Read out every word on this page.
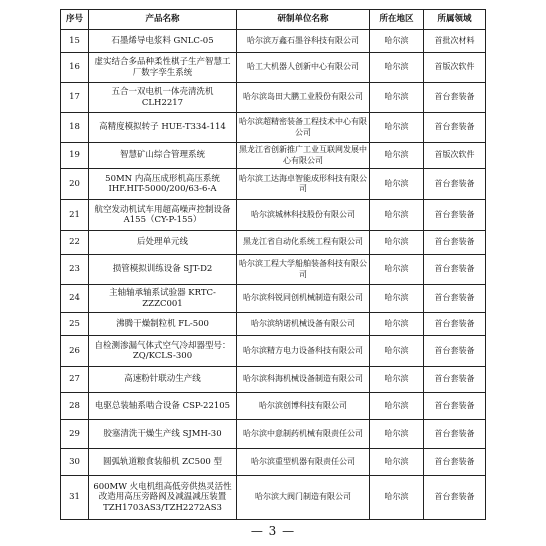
序号	产品名称	研制单位名称	所在地区	所属领域
15	石墨烯导电浆料 GNLC-05	哈尔滨万鑫石墨谷科技有限公司	哈尔滨	首批次材料
16	虚实结合多品种柔性棋子生产智慧工厂数字孪生系统	哈工大机器人创新中心有限公司	哈尔滨	首版次软件
17	五合一双电机一体壳清洗机 CLH2217	哈尔滨岛田大鹏工业股份有限公司	哈尔滨	首台套装备
18	高精度模拟转子 HUE-T334-114	哈尔滨超精密装备工程技术中心有限公司	哈尔滨	首台套装备
19	智慧矿山综合管理系统	黑龙江省创新推广工业互联网发展中心有限公司	哈尔滨	首版次软件
20	50MN 内高压成形机高压系统 IHF.HIT-5000/200/63-6-A	哈尔滨工达海卓智能成形科技有限公司	哈尔滨	首台套装备
21	航空发动机试车用超高噪声控制设备 A155（CY-P-155）	哈尔滨城林科技股份有限公司	哈尔滨	首台套装备
22	后处理单元线	黑龙江省自动化系统工程有限公司	哈尔滨	首台套装备
23	损管模拟训练设备 SJT-D2	哈尔滨工程大学船舶装备科技有限公司	哈尔滨	首台套装备
24	主轴轴承轴系试验器 KRTC-ZZZC001	哈尔滨科锐同创机械制造有限公司	哈尔滨	首台套装备
25	沸腾干燥制粒机 FL-500	哈尔滨纳诺机械设备有限公司	哈尔滨	首台套装备
26	自检测渗漏气体式空气冷却器型号：ZQ/KCLS-300	哈尔滨精方电力设备科技有限公司	哈尔滨	首台套装备
27	高速粉针联动生产线	哈尔滨科海机械设备制造有限公司	哈尔滨	首台套装备
28	电驱总装轴系啮合设备 CSP-22105	哈尔滨创博科技有限公司	哈尔滨	首台套装备
29	胶塞清洗干燥生产线 SJMH-30	哈尔滨中意制药机械有限责任公司	哈尔滨	首台套装备
30	圆弧轨道粮食装船机 ZC500 型	哈尔滨重型机器有限责任公司	哈尔滨	首台套装备
31	600MW 火电机组高低旁供热灵活性改造用高压旁路阀及减温减压装置 TZH1703AS3/TZH2272AS3	哈尔滨大阀门制造有限公司	哈尔滨	首台套装备
— 3 —
